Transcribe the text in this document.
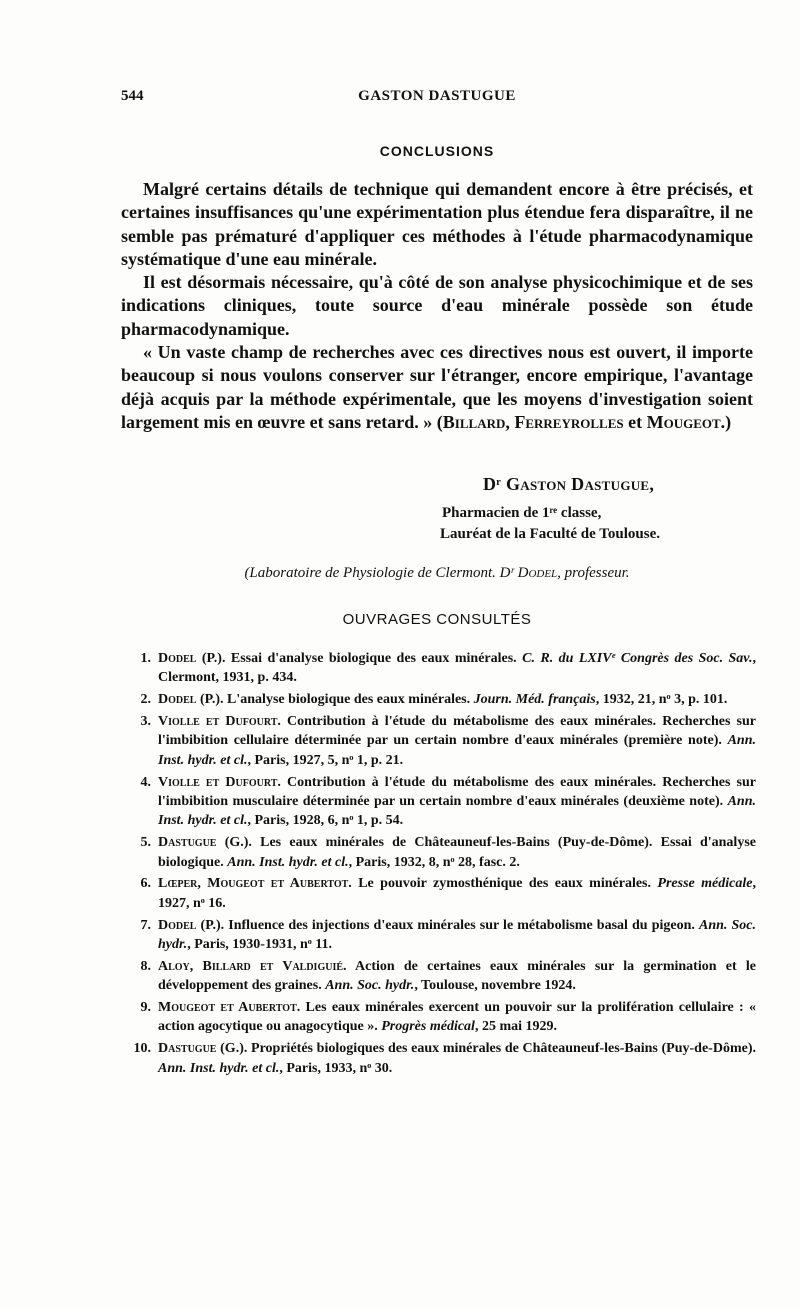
544	GASTON DASTUGUE
CONCLUSIONS

Malgré certains détails de technique qui demandent encore à être précisés, et certaines insuffisances qu'une expérimentation plus étendue fera disparaître, il ne semble pas prématuré d'appliquer ces méthodes à l'étude pharmacodynamique systématique d'une eau minérale.

Il est désormais nécessaire, qu'à côté de son analyse physicochimique et de ses indications cliniques, toute source d'eau minérale possède son étude pharmacodynamique.

« Un vaste champ de recherches avec ces directives nous est ouvert, il importe beaucoup si nous voulons conserver sur l'étranger, encore empirique, l'avantage déjà acquis par la méthode expérimentale, que les moyens d'investigation soient largement mis en œuvre et sans retard. » (Billard, Ferreyrolles et Mougeot.)

Dʳ Gaston Dastugue,
Pharmacien de 1ʳᵉ classe,
Lauréat de la Faculté de Toulouse.
(Laboratoire de Physiologie de Clermont. Dʳ Dodel, professeur.
OUVRAGES CONSULTÉS
1. Dodel (P.). Essai d'analyse biologique des eaux minérales. C. R. du LXIVᵉ Congrès des Soc. Sav., Clermont, 1931, p. 434.
2. Dodel (P.). L'analyse biologique des eaux minérales. Journ. Méd. français, 1932, 21, nᵒ 3, p. 101.
3. Violle et Dufourt. Contribution à l'étude du métabolisme des eaux minérales. Recherches sur l'imbibition cellulaire déterminée par un certain nombre d'eaux minérales (première note). Ann. Inst. hydr. et cl., Paris, 1927, 5, nᵒ 1, p. 21.
4. Violle et Dufourt. Contribution à l'étude du métabolisme des eaux minérales. Recherches sur l'imbibition musculaire déterminée par un certain nombre d'eaux minérales (deuxième note). Ann. Inst. hydr. et cl., Paris, 1928, 6, nᵒ 1, p. 54.
5. Dastugue (G.). Les eaux minérales de Châteauneuf-les-Bains (Puy-de-Dôme). Essai d'analyse biologique. Ann. Inst. hydr. et cl., Paris, 1932, 8, nᵒ 28, fasc. 2.
6. Lœper, Mougeot et Aubertot. Le pouvoir zymosthénique des eaux minérales. Presse médicale, 1927, nᵒ 16.
7. Dodel (P.). Influence des injections d'eaux minérales sur le métabolisme basal du pigeon. Ann. Soc. hydr., Paris, 1930-1931, nᵒ 11.
8. Aloy, Billard et Valdiguié. Action de certaines eaux minérales sur la germination et le développement des graines. Ann. Soc. hydr., Toulouse, novembre 1924.
9. Mougeot et Aubertot. Les eaux minérales exercent un pouvoir sur la prolifération cellulaire : « action agocytique ou anagocytique ». Progrès médical, 25 mai 1929.
10. Dastugue (G.). Propriétés biologiques des eaux minérales de Châteauneuf-les-Bains (Puy-de-Dôme). Ann. Inst. hydr. et cl., Paris, 1933, nᵒ 30.
